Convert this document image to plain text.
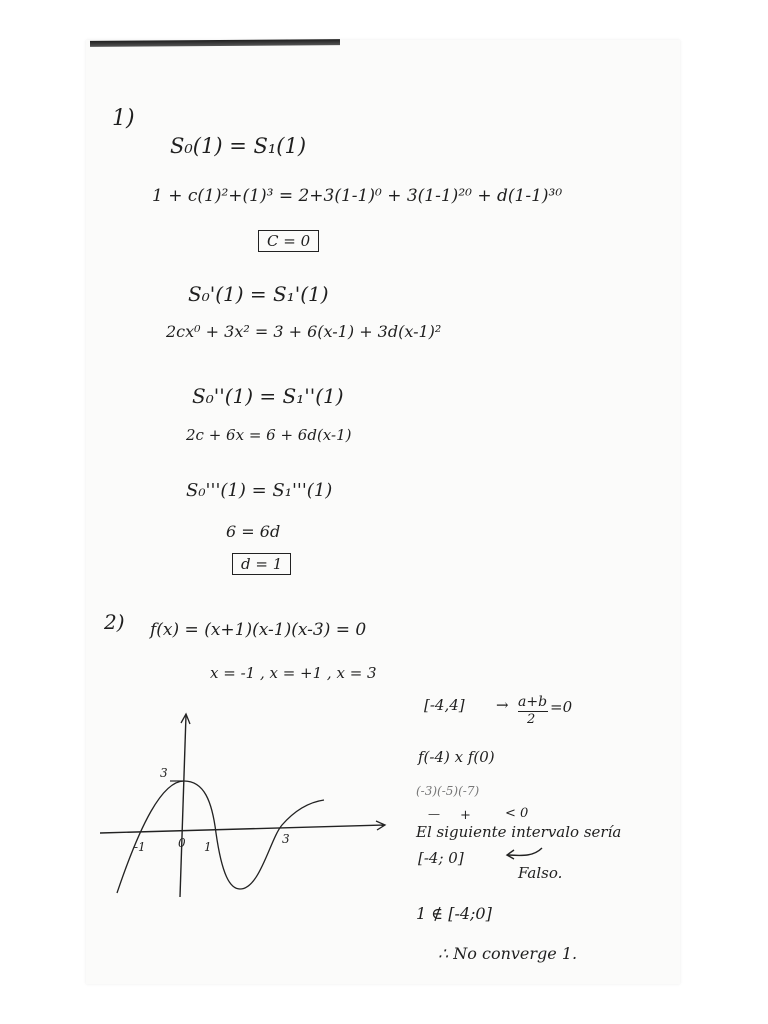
1)
S₀(1) = S₁(1)
1 + c(1)²+(1)³ = 2+3(1-1)⁰ + 3(1-1)²⁰ + d(1-1)³⁰
C = 0
S₀'(1) = S₁'(1)
2cx⁰ + 3x² = 3 + 6(x-1) + 3d(x-1)²
S₀''(1) = S₁''(1)
2c + 6x = 6 + 6d(x-1)
S₀'''(1) = S₁'''(1)
6 = 6d
d = 1
2) f(x) = (x+1)(x-1)(x-3) = 0
x = -1 , x = +1 , x = 3
[-4,4] → a+b
2
=0
f(-4) x f(0)
(-3)(-5)(-7)
— +	< 0
El siguiente intervalo sería
[-4; 0]
Falso.
1 ∉ [-4;0]
∴ No converge 1.
3
-1	0 1
3
